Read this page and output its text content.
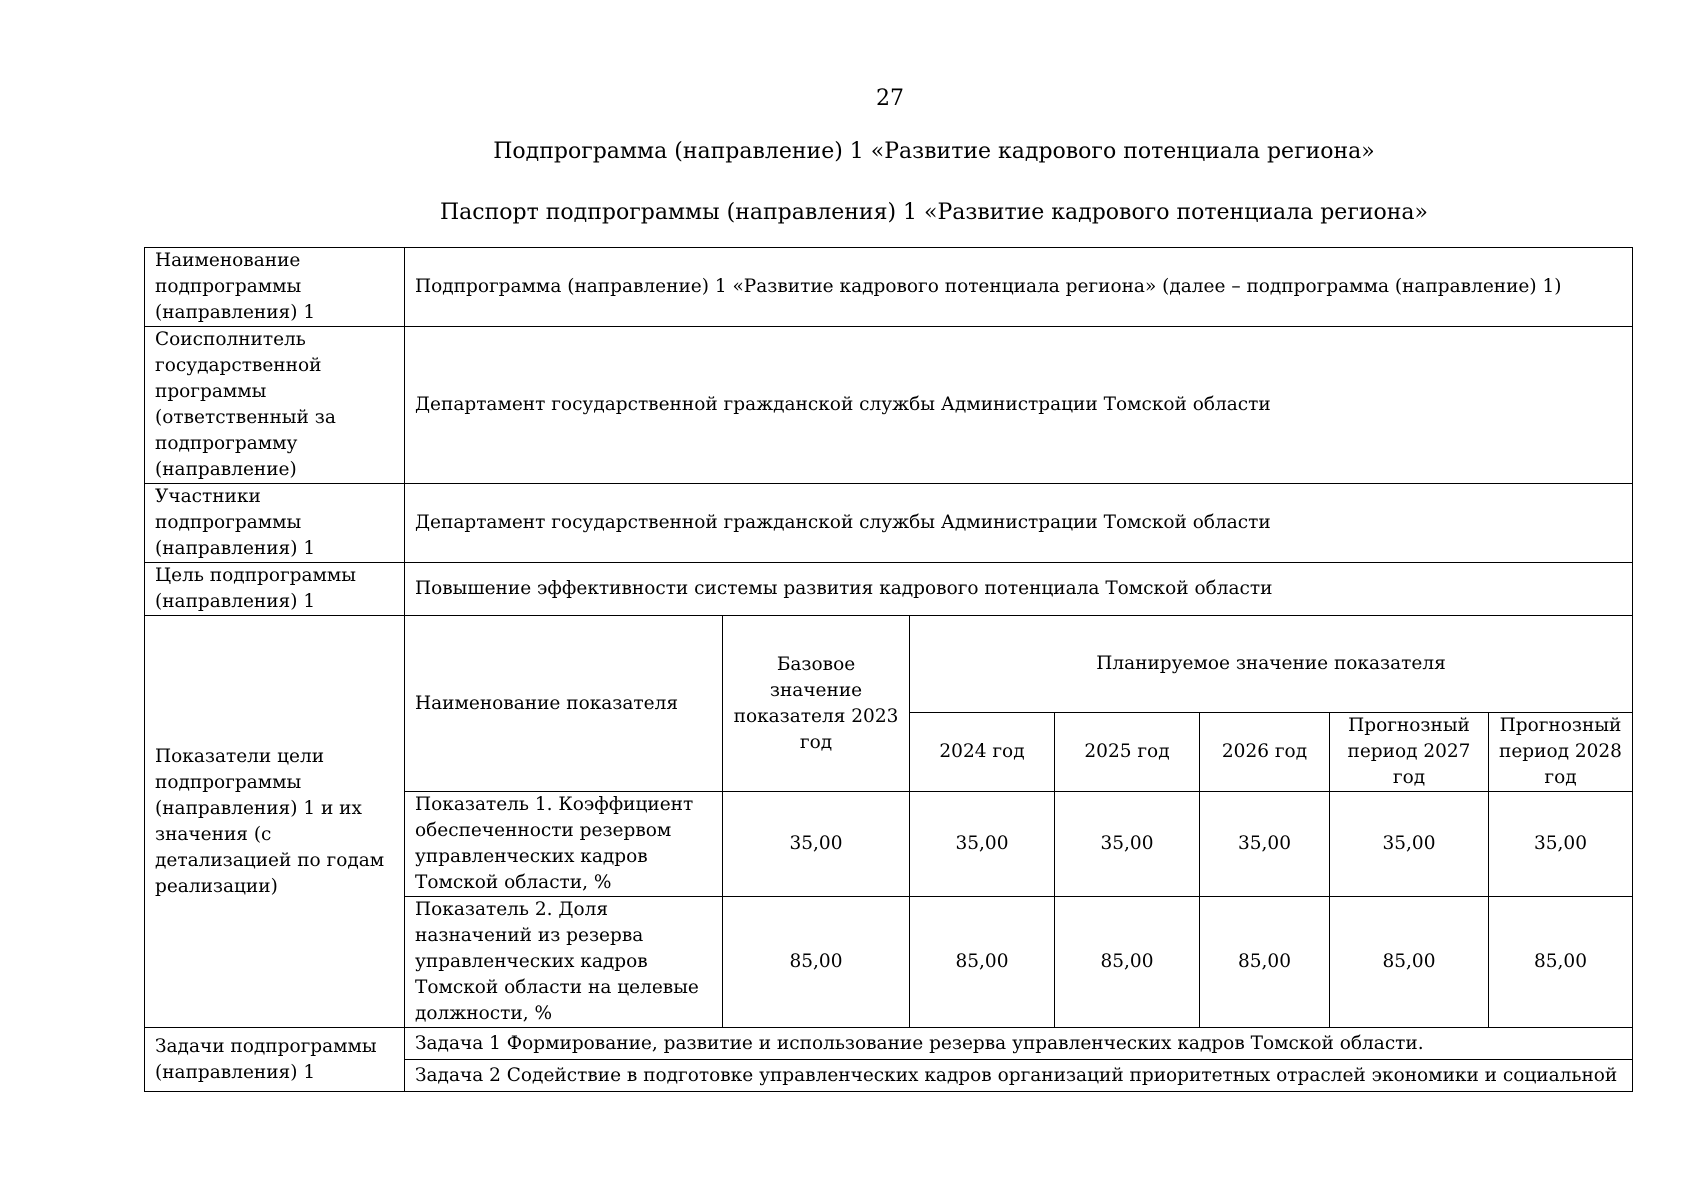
27
Подпрограмма (направление) 1 «Развитие кадрового потенциала региона»
Паспорт подпрограммы (направления) 1 «Развитие кадрового потенциала региона»
Наименование подпрограммы (направления) 1	Подпрограмма (направление) 1 «Развитие кадрового потенциала региона» (далее – подпрограмма (направление) 1)						
Соисполнитель государственной программы (ответственный за подпрограмму (направление)	Департамент государственной гражданской службы Администрации Томской области						
Участники подпрограммы (направления) 1	Департамент государственной гражданской службы Администрации Томской области						
Цель подпрограммы (направления) 1	Повышение эффективности системы развития кадрового потенциала Томской области						
Показатели цели подпрограммы (направления) 1 и их значения (с детализацией по годам реализации)	Наименование показателя	Базовое значение показателя 2023 год	Планируемое значение показателя				
			2024 год	2025 год	2026 год	Прогнозный период 2027 год	Прогнозный период 2028 год
	Показатель 1. Коэффициент обеспеченности резервом управленческих кадров Томской области, %	35,00	35,00	35,00	35,00	35,00	35,00
	Показатель 2. Доля назначений из резерва управленческих кадров Томской области на целевые должности, %	85,00	85,00	85,00	85,00	85,00	85,00
Задачи подпрограммы (направления) 1	Задача 1 Формирование, развитие и использование резерва управленческих кадров Томской области.						
	Задача 2 Содействие в подготовке управленческих кадров организаций приоритетных отраслей экономики и социальной						
